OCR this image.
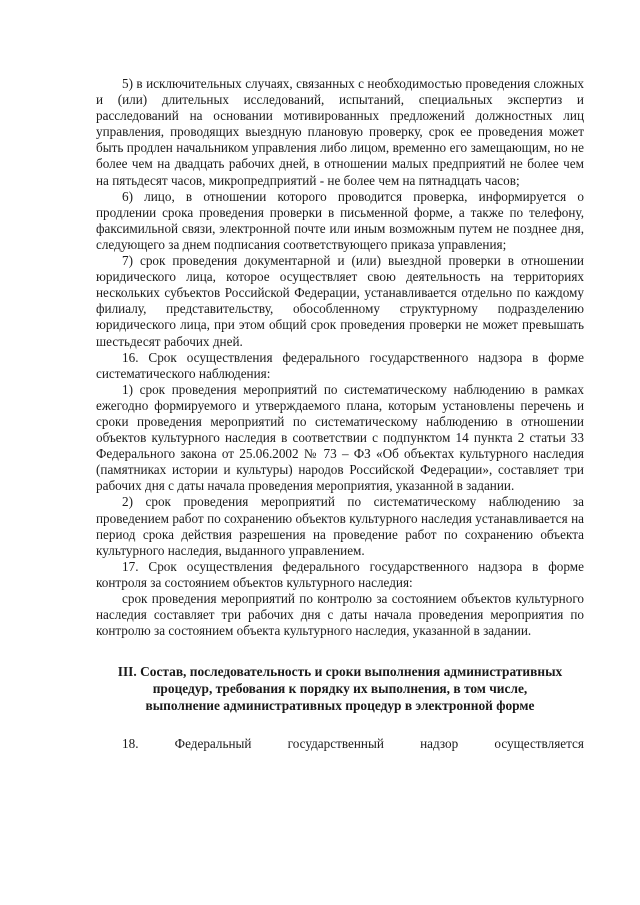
5) в исключительных случаях, связанных с необходимостью проведения сложных и (или) длительных исследований, испытаний, специальных экспертиз и расследований на основании мотивированных предложений должностных лиц управления, проводящих выездную плановую проверку, срок ее проведения может быть продлен начальником управления либо лицом, временно его замещающим, но не более чем на двадцать рабочих дней, в отношении малых предприятий не более чем на пятьдесят часов, микропредприятий - не более чем на пятнадцать часов;

6) лицо, в отношении которого проводится проверка, информируется о продлении срока проведения проверки в письменной форме, а также по телефону, факсимильной связи, электронной почте или иным возможным путем не позднее дня, следующего за днем подписания соответствующего приказа управления;

7) срок проведения документарной и (или) выездной проверки в отношении юридического лица, которое осуществляет свою деятельность на территориях нескольких субъектов Российской Федерации, устанавливается отдельно по каждому филиалу, представительству, обособленному структурному подразделению юридического лица, при этом общий срок проведения проверки не может превышать шестьдесят рабочих дней.

16. Срок осуществления федерального государственного надзора в форме систематического наблюдения:

1) срок проведения мероприятий по систематическому наблюдению в рамках ежегодно формируемого и утверждаемого плана, которым установлены перечень и сроки проведения мероприятий по систематическому наблюдению в отношении объектов культурного наследия в соответствии с подпунктом 14 пункта 2 статьи 33 Федерального закона от 25.06.2002 № 73 – ФЗ «Об объектах культурного наследия (памятниках истории и культуры) народов Российской Федерации», составляет три рабочих дня с даты начала проведения мероприятия, указанной в задании.

2) срок проведения мероприятий по систематическому наблюдению за проведением работ по сохранению объектов культурного наследия устанавливается на период срока действия разрешения на проведение работ по сохранению объекта культурного наследия, выданного управлением.

17. Срок осуществления федерального государственного надзора в форме контроля за состоянием объектов культурного наследия:

срок проведения мероприятий по контролю за состоянием объектов культурного наследия составляет три рабочих дня с даты начала проведения мероприятия по контролю за состоянием объекта культурного наследия, указанной в задании.

III. Состав, последовательность и сроки выполнения административных
процедур, требования к порядку их выполнения, в том числе,
выполнение административных процедур в электронной форме
18.	Федеральный	государственный	надзор	осуществляется
